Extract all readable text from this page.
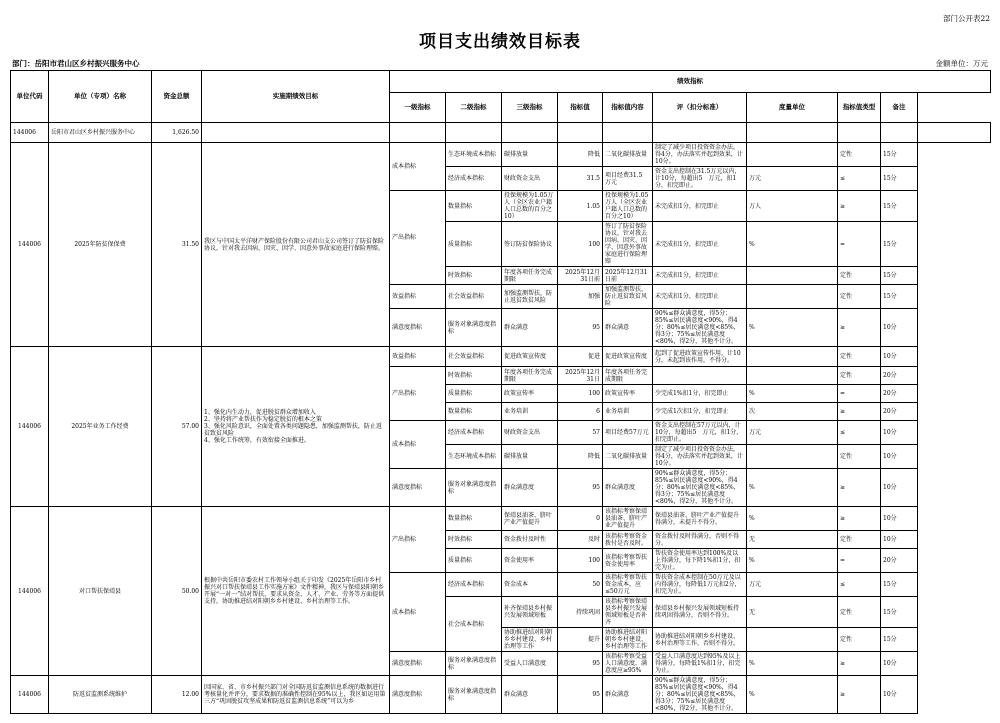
部门公开表22
项目支出绩效目标表
部门：岳阳市君山区乡村振兴服务中心	金额单位：万元
单位代码	单位（专项）名称	资金总额	实施期绩效目标	绩效指标									
				一级指标	二级指标	三级指标	指标值	指标值内容	评（扣分标准）	度量单位	指标值类型	备注	
144006	岳阳市君山区乡村振兴服务中心	1,626.50											
144006	2025年防贫保保费	31.50	我区与中国太平洋财产保险股份有限公司君山支公司签订了防贫保险协议，针对我去因病、因灾、因学、因意外事故家庭进行保险理赔。	成本指标	生态环境成本指标	碳排放量	降低	二氧化碳排放量	制定了减少项目投资资金办法，得4分，办法落实并起到效果，计10分。		定性	15分	
					经济成本指标	财政资金支出	31.5	项目经费31.5 万元	资金支出控制在31.5万元以内，计10分，每超出5　万元，扣1分，扣完即止。	万元	≤	15分	
				产出指标	数量指标	投保规模为1.05万人（全区农业户籍人口总数的百分之10）	1.05	投保规模为1.05万人（全区农业户籍人口总数的百分之10）	未完成扣1分，扣完即止	万人	≥	15分	
					质量指标	签订防贫保险协议	100	签订了防贫保险协议，针对我去因病、因灾、因学、因意外事故家庭进行保险理赔	未完成扣1分，扣完即止	%	=	15分	
					时效指标	年度各项任务完成期限	2025年12月31日前	2025年12月31日前	未完成扣1分，扣完即止		定性	15分	
				效益指标	社会效益指标	加强监测帮扶，防止返贫致贫风险	加强	加强监测帮扶，防止返贫致贫风险	未完成扣1分，扣完即止		定性	15分	
				满意度指标	服务对象满意度指标	群众满意	95	群众满意	90%≤群众满意度，得5分；85%≤居民满意度<90%，得4分；80%≤居民满意度<85%，得3分；75%≤居民满意度<80%，得2分，其他不计分。	%	≥	10分	
144006	2025年业务工作经费	57.00	1、强化内生动力，促进脱贫群众增加收入
2、坚持将产业帮扶作为稳定脱贫的根本之策
3、强化风险意识，全面处置各类问题隐患，加强监测帮扶，防止返贫致贫风险
4、强化工作统筹，有效衔接全面推进。	效益指标	社会效益指标	促进政策宣传度	促进	促进政策宣传度	起到了促进政策宣传作用，计10分，未起到该作用，不得分。		定性	10分	
				产出指标	时效指标	年度各项任务完成期限	2025年12月31日	年度各项任务完成期限			定性	20分	
					质量指标	政策宣传率	100	政策宣传率	少完成1%扣1分，扣完即止	%	=	20分	
					数量指标	业务培训	6	业务培训	少完成1次扣1分，扣完即止	次	≥	20分	
				成本指标	经济成本指标	财政资金支出	57	项目经费57万元	资金支出控制在57万元以内，计10分，每超出5　万元，扣1分，扣完即止。	万元	≤	10分	
					生态环境成本指标	碳排放量	降低	二氧化碳排放量	制定了减少项目投资资金办法，得4分，办法落实并起到效果，计10分。		定性	10分	
				满意度指标	服务对象满意度指标	群众满意度	95	群众满意度	90%≤群众满意度，得5分；85%≤居民满意度<90%，得4分；80%≤居民满意度<85%，得3分；75%≤居民满意度<80%，得2分，其他不计分。	%	≥	10分	
144006	对口帮扶保靖县	50.00	根据中共岳阳市委农村工作领导小组关于印发《2025年岳阳市乡村振兴对口帮扶保靖县工作实施方案》文件精神，我区与保靖县阳朝乡开展“一对一”结对帮扶，要求从资金、人才、产业、劳务等方面提供支持，协助推进结对阳朝乡乡村建设、乡村治理等工作。	产出指标	数量指标	保靖县油茶、脐叶产业产值提升	0	该指标考察保靖县油茶、脐叶产业产值提升	保靖县油茶、脐叶产业产值提升得满分，未提升不得分。	%	≥	10分	
					时效指标	资金拨付及时性	及时	该指标考察资金拨付是否及时。	资金拨付及时得满分，否则不得分。	无	定性	10分	
					质量指标	资金使用率	100	该指标考察帮扶资金使用率	帮扶资金使用率达到100%及以上得满分，每下降1%扣1分，扣完为止。	%	=	20分	
				成本指标	经济成本指标	资金成本	50	该指标考察帮扶资金成本，应≤50万元	帮扶资金成本控制在50万元及以内得满分，每降低1万元扣2分，扣完为止。	万元	≤	15分	
					社会成本指标	补齐保靖县乡村振兴发展领域短板	持续巩固	该指标考察保靖县乡村振兴发展领域短板是否补齐	保靖县乡村振兴发展领域短板持续巩固得满分，否则不得分。	无	定性	15分	
						协助推进结对阳朝乡乡村建设、乡村治理等工作	提升	协助推进结对阳朝乡乡村建设、乡村治理等工作	协助推进结对阳朝乡乡村建设、乡村治理等工作，否则不得分。		定性	15分	
				满意度指标	服务对象满意度指标	受益人口满意度	95	该指标考察受益人口满意度，满意度应≥95%	受益人口满意度达到95%及以上得满分，每降低1%扣1分，扣完为止。	%	≥	10分	
144006	防返贫监测系统维护	12.00	因国家、省、市乡村振兴部门对全国防返贫监测信息系统的数据进行考核量化并评分，要求数据的准确性控制在95%以上，我区如运用第三方“巩固脱贫攻坚成果和防返贫监测信息系统”可以为乡	满意度指标	服务对象满意度指标	群众满意	95	群众满意	90%≤群众满意度，得5分；85%≤居民满意度<90%，得4分；80%≤居民满意度<85%，得3分；75%≤居民满意度<80%，得2分，其他不计分。	%	≥	10分	
